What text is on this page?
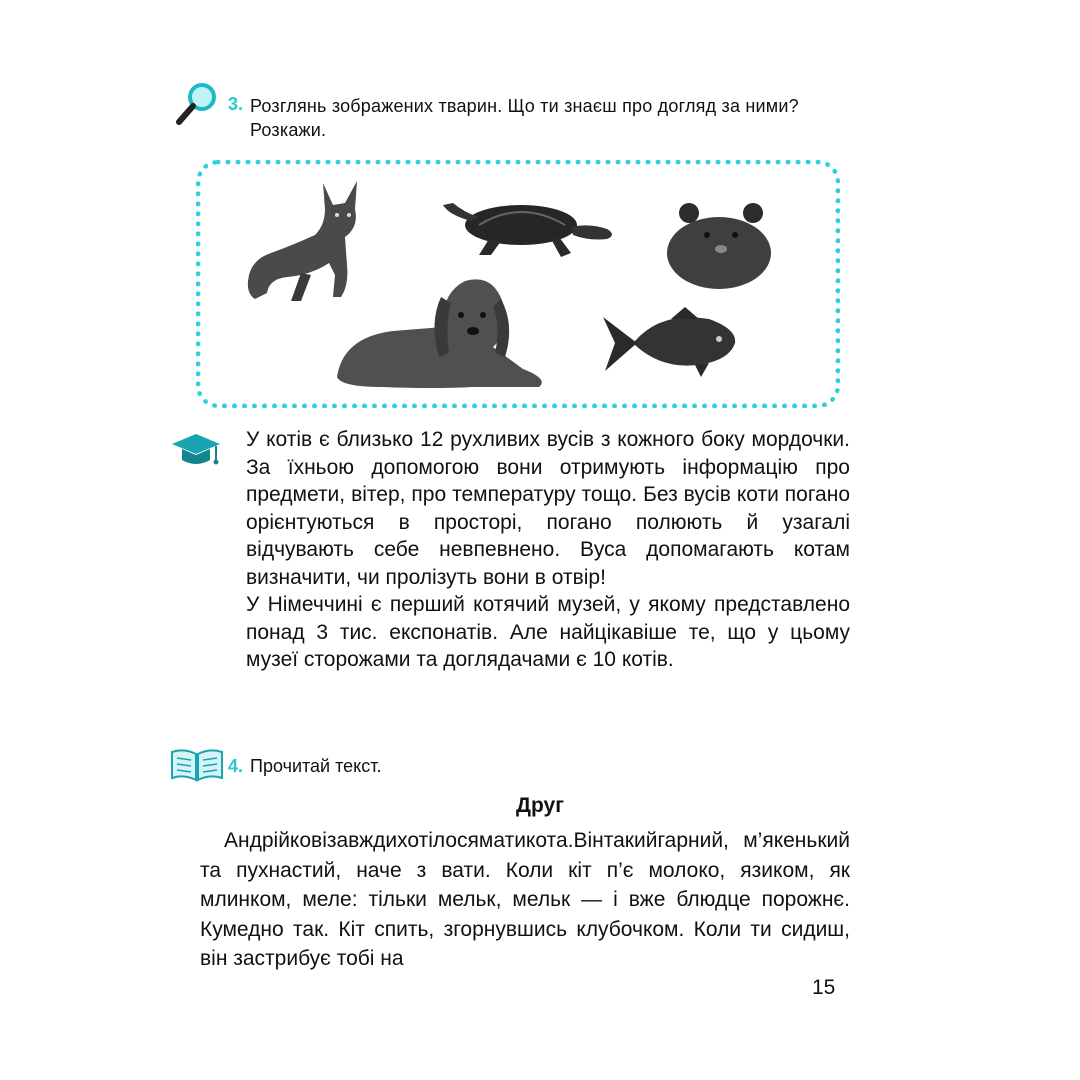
3. Розглянь зображених тварин. Що ти знаєш про догляд за ними? Розкажи.

У котів є близько 12 рухливих вусів з кожного боку мордочки. За їхньою допомогою вони отримують інформацію про предмети, вітер, про температуру тощо. Без вусів коти погано орієнтуються в просторі, погано полюють й узагалі відчувають себе невпевнено. Вуса допомагають котам визначити, чи пролізуть вони в отвір!

У Німеччині є перший котячий музей, у якому представлено понад 3 тис. експонатів. Але найцікавіше те, що у цьому музеї сторожами та доглядачами є 10 котів.

4. Прочитай текст.
Друг

Андрійковізавждихотілосяматикота.Вінтакийгарний, м’якенький та пухнастий, наче з вати. Коли кіт п’є молоко, язиком, як млинком, меле: тільки мельк, мельк — і вже блюдце порожнє. Кумедно так. Кіт спить, згорнувшись клубочком. Коли ти сидиш, він застрибує тобі на

15
